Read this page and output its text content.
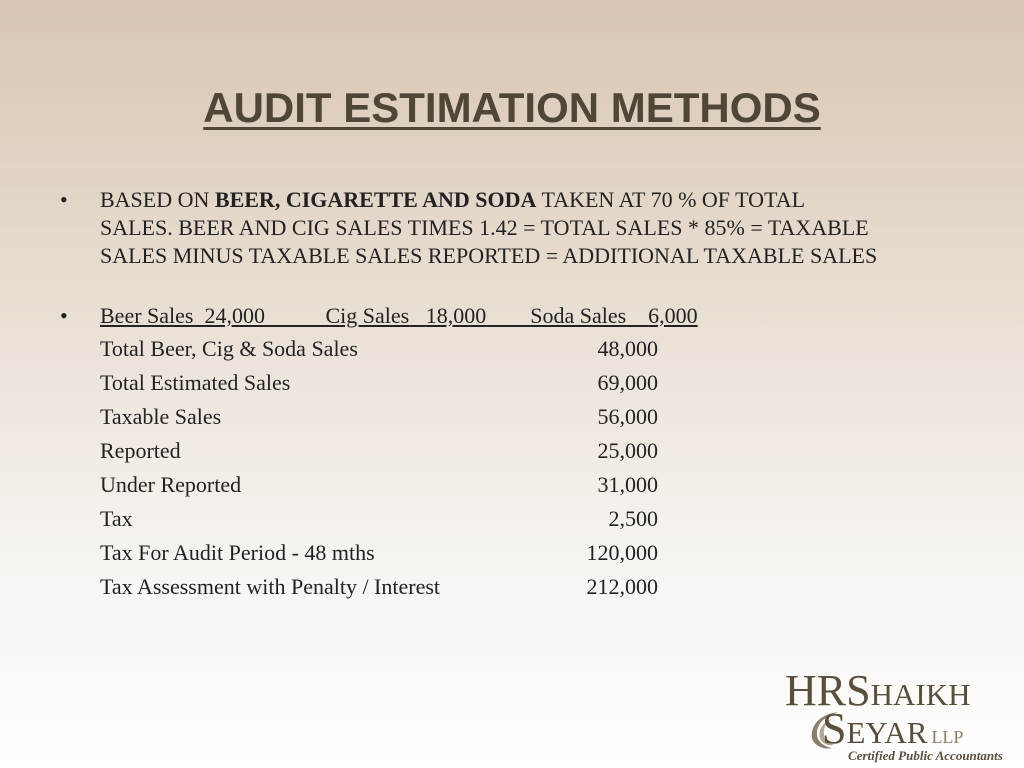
AUDIT ESTIMATION METHODS
•	BASED ON BEER, CIGARETTE AND SODA TAKEN AT 70 % OF TOTAL SALES. BEER AND CIG SALES TIMES 1.42 = TOTAL SALES * 85% = TAXABLE SALES MINUS TAXABLE SALES REPORTED = ADDITIONAL TAXABLE SALES
•	Beer Sales 24,000	Cig Sales 18,000 Soda Sales 6,000
Total Beer, Cig & Soda Sales	48,000
Total Estimated Sales	69,000
Taxable Sales	56,000
Reported	25,000
Under Reported	31,000
Tax	2,500
Tax For Audit Period - 48 mths	120,000
Tax Assessment with Penalty / Interest	212,000
HRSHAIKH
SEYAR LLP
Certified Public Accountants
